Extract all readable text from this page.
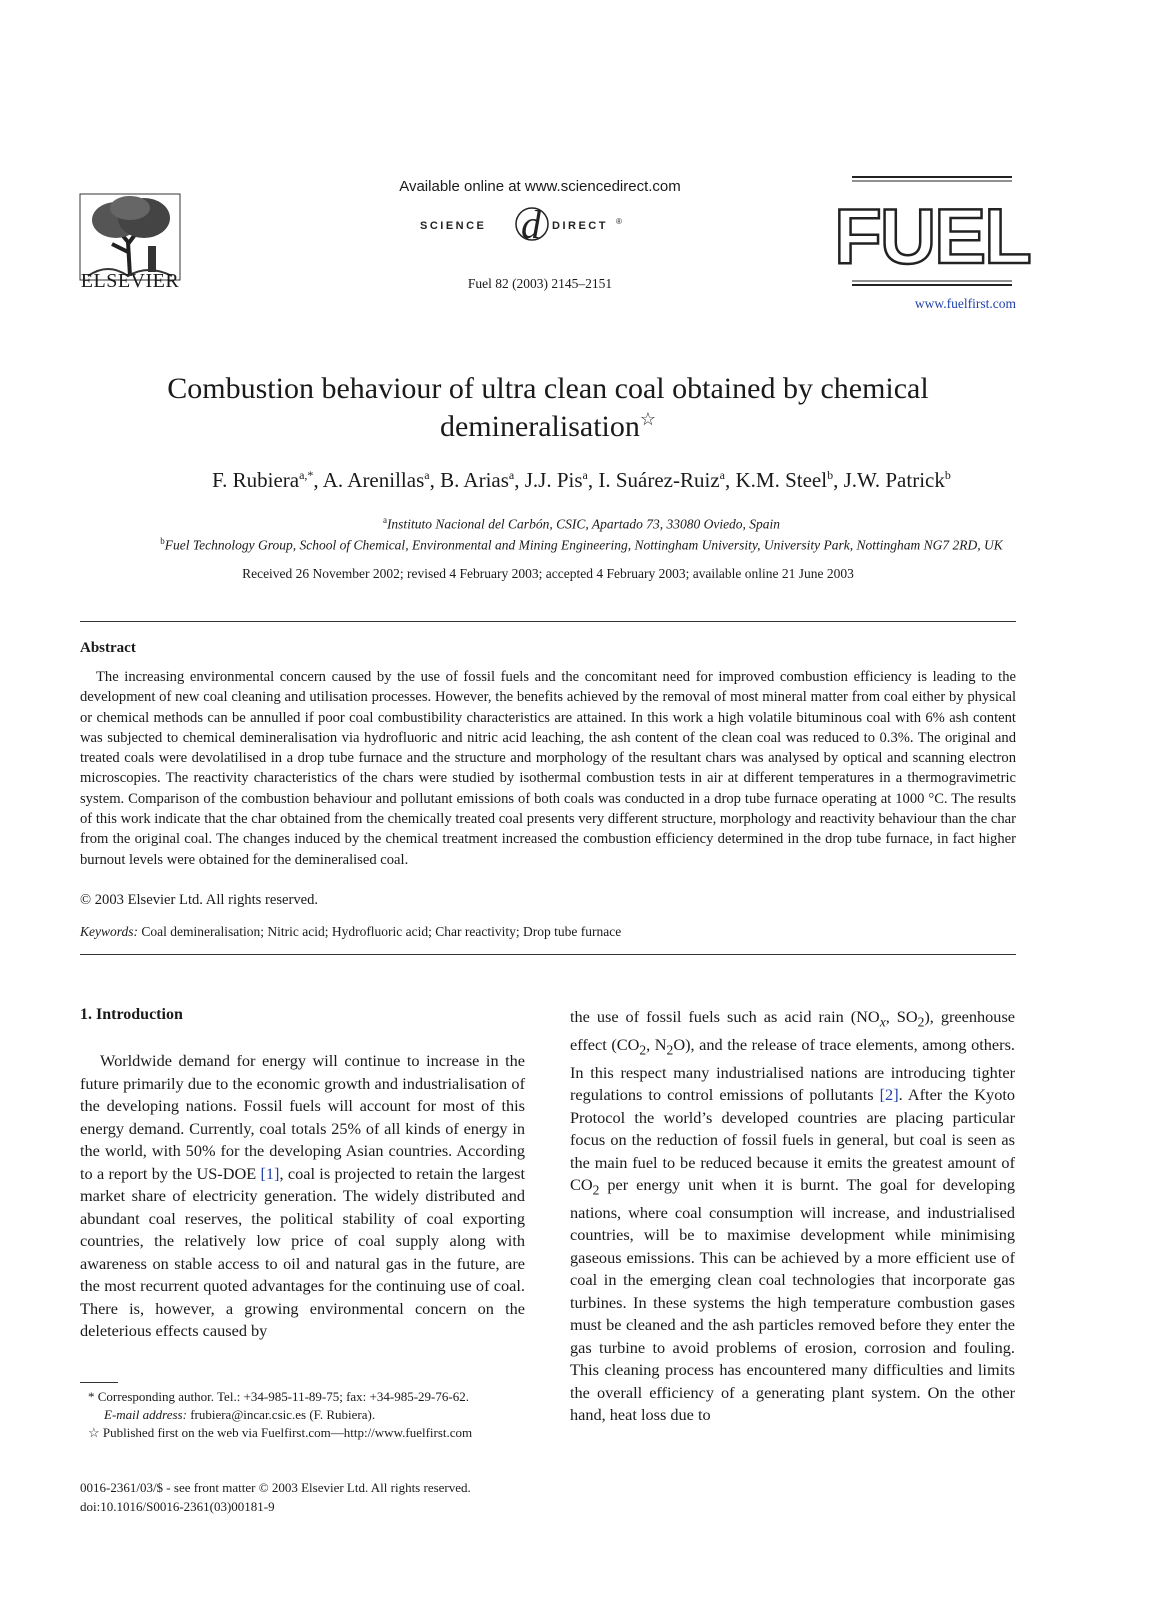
ELSEVIER
Available online at www.sciencedirect.com
SCIENCE d DIRECT ®
Fuel 82 (2003) 2145–2151
FUEL
www.fuelfirst.com
Combustion behaviour of ultra clean coal obtained by chemical
demineralisation☆
F. Rubiera$^{a,*}$, A. Arenillas$^a$, B. Arias$^a$, J.J. Pis$^a$, I. Suárez-Ruiz$^a$, K.M. Steel$^b$, J.W. Patrick$^b$
$^a$Instituto Nacional del Carbón, CSIC, Apartado 73, 33080 Oviedo, Spain
$^b$Fuel Technology Group, School of Chemical, Environmental and Mining Engineering, Nottingham University, University Park, Nottingham NG7 2RD, UK
Received 26 November 2002; revised 4 February 2003; accepted 4 February 2003; available online 21 June 2003
Abstract
The increasing environmental concern caused by the use of fossil fuels and the concomitant need for improved combustion efficiency is leading to the development of new coal cleaning and utilisation processes. However, the benefits achieved by the removal of most mineral matter from coal either by physical or chemical methods can be annulled if poor coal combustibility characteristics are attained. In this work a high volatile bituminous coal with 6% ash content was subjected to chemical demineralisation via hydrofluoric and nitric acid leaching, the ash content of the clean coal was reduced to 0.3%. The original and treated coals were devolatilised in a drop tube furnace and the structure and morphology of the resultant chars was analysed by optical and scanning electron microscopies. The reactivity characteristics of the chars were studied by isothermal combustion tests in air at different temperatures in a thermogravimetric system. Comparison of the combustion behaviour and pollutant emissions of both coals was conducted in a drop tube furnace operating at 1000 °C. The results of this work indicate that the char obtained from the chemically treated coal presents very different structure, morphology and reactivity behaviour than the char from the original coal. The changes induced by the chemical treatment increased the combustion efficiency determined in the drop tube furnace, in fact higher burnout levels were obtained for the demineralised coal.
© 2003 Elsevier Ltd. All rights reserved.
Keywords: Coal demineralisation; Nitric acid; Hydrofluoric acid; Char reactivity; Drop tube furnace
1. Introduction
Worldwide demand for energy will continue to increase in the future primarily due to the economic growth and industrialisation of the developing nations. Fossil fuels will account for most of this energy demand. Currently, coal totals 25% of all kinds of energy in the world, with 50% for the developing Asian countries. According to a report by the US-DOE [1], coal is projected to retain the largest market share of electricity generation. The widely distributed and abundant coal reserves, the political stability of coal exporting countries, the relatively low price of coal supply along with awareness on stable access to oil and natural gas in the future, are the most recurrent quoted advantages for the continuing use of coal. There is, however, a growing environmental concern on the deleterious effects caused by
the use of fossil fuels such as acid rain ($NO_x$, $SO_2$), greenhouse effect ($CO_2$, $N_2O$), and the release of trace elements, among others. In this respect many industrialised nations are introducing tighter regulations to control emissions of pollutants [2]. After the Kyoto Protocol the world’s developed countries are placing particular focus on the reduction of fossil fuels in general, but coal is seen as the main fuel to be reduced because it emits the greatest amount of $CO_2$ per energy unit when it is burnt. The goal for developing nations, where coal consumption will increase, and industrialised countries, will be to maximise development while minimising gaseous emissions. This can be achieved by a more efficient use of coal in the emerging clean coal technologies that incorporate gas turbines. In these systems the high temperature combustion gases must be cleaned and the ash particles removed before they enter the gas turbine to avoid problems of erosion, corrosion and fouling. This cleaning process has encountered many difficulties and limits the overall efficiency of a generating plant system. On the other hand, heat loss due to
* Corresponding author. Tel.: +34-985-11-89-75; fax: +34-985-29-76-62.
E-mail address: frubiera@incar.csic.es (F. Rubiera).
☆ Published first on the web via Fuelfirst.com—http://www.fuelfirst.com
0016-2361/03/$ - see front matter © 2003 Elsevier Ltd. All rights reserved.
doi:10.1016/S0016-2361(03)00181-9
